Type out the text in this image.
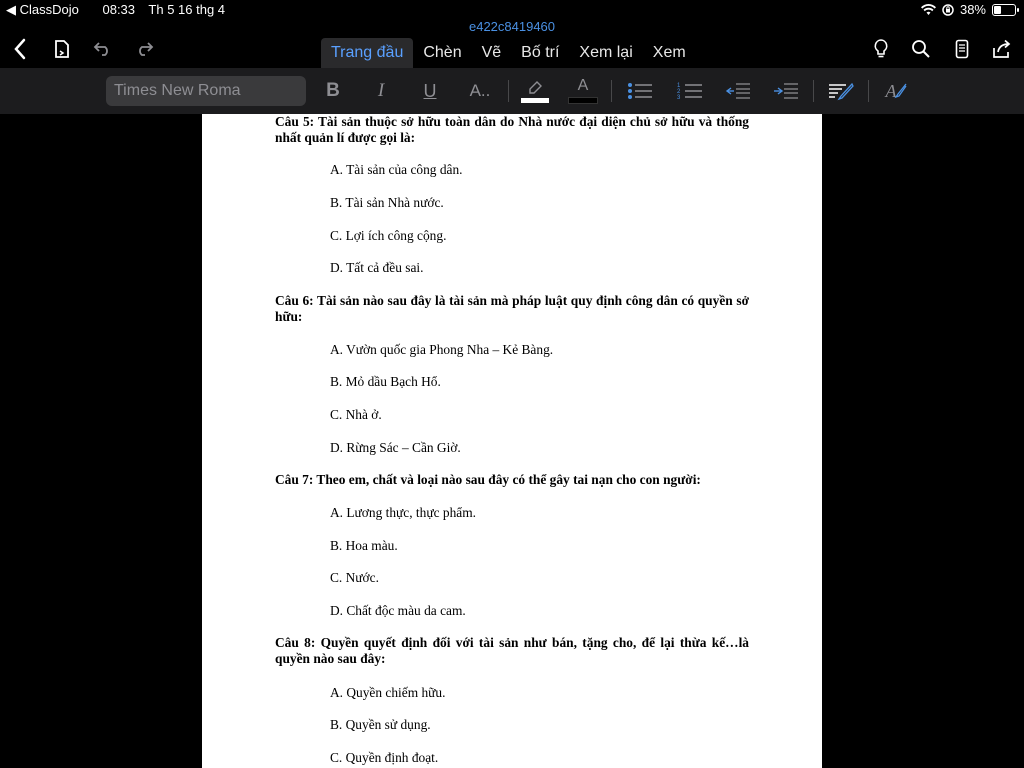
◀ ClassDojo 08:33 Th 5 16 thg 4	38%
e422c8419460
Trang đầu	Chèn	Vẽ	Bố trí	Xem lại	Xem
Times New Roma	B	I	U	A..	A	1
2
3	A
Câu 5: Tài sản thuộc sở hữu toàn dân do Nhà nước đại diện chủ sở hữu và thống nhất quản lí được gọi là:
A. Tài sản của công dân.
B. Tài sản Nhà nước.
C. Lợi ích công cộng.
D. Tất cả đều sai.
Câu 6: Tài sản nào sau đây là tài sản mà pháp luật quy định công dân có quyền sở hữu:
A. Vườn quốc gia Phong Nha – Kẻ Bàng.
B. Mỏ dầu Bạch Hổ.
C. Nhà ở.
D. Rừng Sác – Cần Giờ.
Câu 7: Theo em, chất và loại nào sau đây có thể gây tai nạn cho con người:
A. Lương thực, thực phẩm.
B. Hoa màu.
C. Nước.
D. Chất độc màu da cam.
Câu 8: Quyền quyết định đối với tài sản như bán, tặng cho, để lại thừa kế…là quyền nào sau đây:
A. Quyền chiếm hữu.
B. Quyền sử dụng.
C. Quyền định đoạt.
